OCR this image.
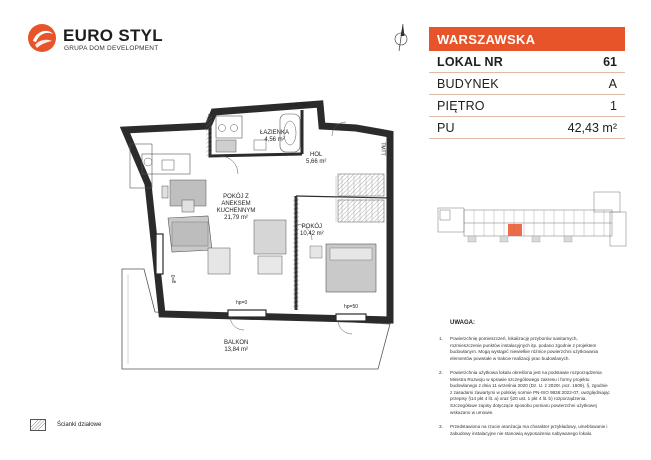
EURO STYL
GRUPA DOM DEVELOPMENT
WARSZAWSKA
LOKAL NR	61
BUDYNEK	A
PIĘTRO	1
PU	42,43 m²
ŁAZIENKA
4,56 m²
HOL
5,66 m²
POKÓJ Z ANEKSEM KUCHENNYM
21,79 m²
POKÓJ
10,42 m²
BALKON
13,84 m²
hp=0
hp=50
g=0
TMTT
pral. bęb.
UWAGA:
1. Powierzchnię pomieszczeń, lokalizację przyborów sanitarnych, rozmieszczenie punktów instalacyjnych itp. podano zgodnie z projektem budowlanym. Mogą wystąpić niewielkie różnice powierzchni użytkowania elementów powstałe w trakcie realizacji prac budowlanych.
2. Powierzchnia użytkowa lokalu określona jest na podstawie rozporządzenia Ministra Rozwoju w sprawie szczegółowego zakresu i formy projektu budowlanego z dnia 11 września 2020 (Dz. U. z 2020r. poz. 1609), §, zgodnie z zasadami zawartymi w polskiej normie PN-ISO 9836:2022-07, uwzględniając przepisy §14 pkt 4 lit. a) oraz §20 ust. 1 pkt 4 lit. b) rozporządzenia. Szczegółowe zapisy dotyczące sposobu pomiaru powierzchni użytkowej wskazano w umowie.
3. Przedstawiona na rzucie aranżacja ma charakter przykładowy, umeblowanie i zabudowy instalacyjne nie stanowią wyposażenia nabywanego lokalu.
Ścianki działowe
